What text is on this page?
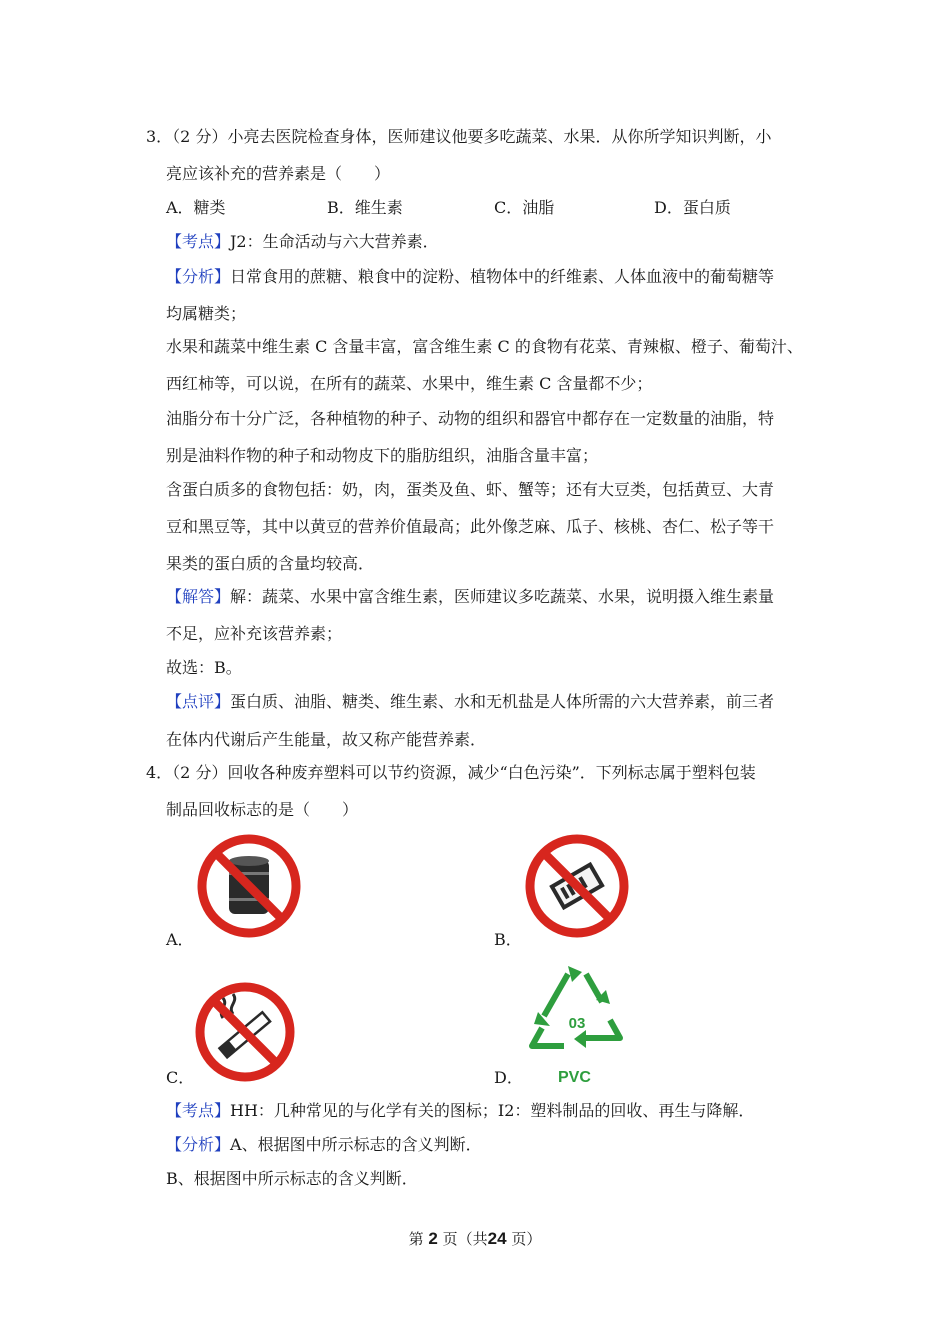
3．（2 分）小亮去医院检查身体，医师建议他要多吃蔬菜、水果．从你所学知识判断，小
亮应该补充的营养素是（　　）
A．糖类	B．维生素	C．油脂	D．蛋白质
【考点】J2：生命活动与六大营养素．
【分析】日常食用的蔗糖、粮食中的淀粉、植物体中的纤维素、人体血液中的葡萄糖等
均属糖类；
水果和蔬菜中维生素 C 含量丰富，富含维生素 C 的食物有花菜、青辣椒、橙子、葡萄汁、
西红柿等，可以说，在所有的蔬菜、水果中，维生素 C 含量都不少；
油脂分布十分广泛，各种植物的种子、动物的组织和器官中都存在一定数量的油脂，特
别是油料作物的种子和动物皮下的脂肪组织，油脂含量丰富；
含蛋白质多的食物包括：奶，肉，蛋类及鱼、虾、蟹等；还有大豆类，包括黄豆、大青
豆和黑豆等，其中以黄豆的营养价值最高；此外像芝麻、瓜子、核桃、杏仁、松子等干
果类的蛋白质的含量均较高．
【解答】解：蔬菜、水果中富含维生素，医师建议多吃蔬菜、水果，说明摄入维生素量
不足，应补充该营养素；
故选：B。
【点评】蛋白质、油脂、糖类、维生素、水和无机盐是人体所需的六大营养素，前三者
在体内代谢后产生能量，故又称产能营养素．
4．（2 分）回收各种废弃塑料可以节约资源，减少“白色污染”．下列标志属于塑料包装
制品回收标志的是（　　）
A．	B．
C．
03
PVC
D．
【考点】HH：几种常见的与化学有关的图标；I2：塑料制品的回收、再生与降解．
【分析】A、根据图中所示标志的含义判断．
B、根据图中所示标志的含义判断．
第 2 页（共24 页）
